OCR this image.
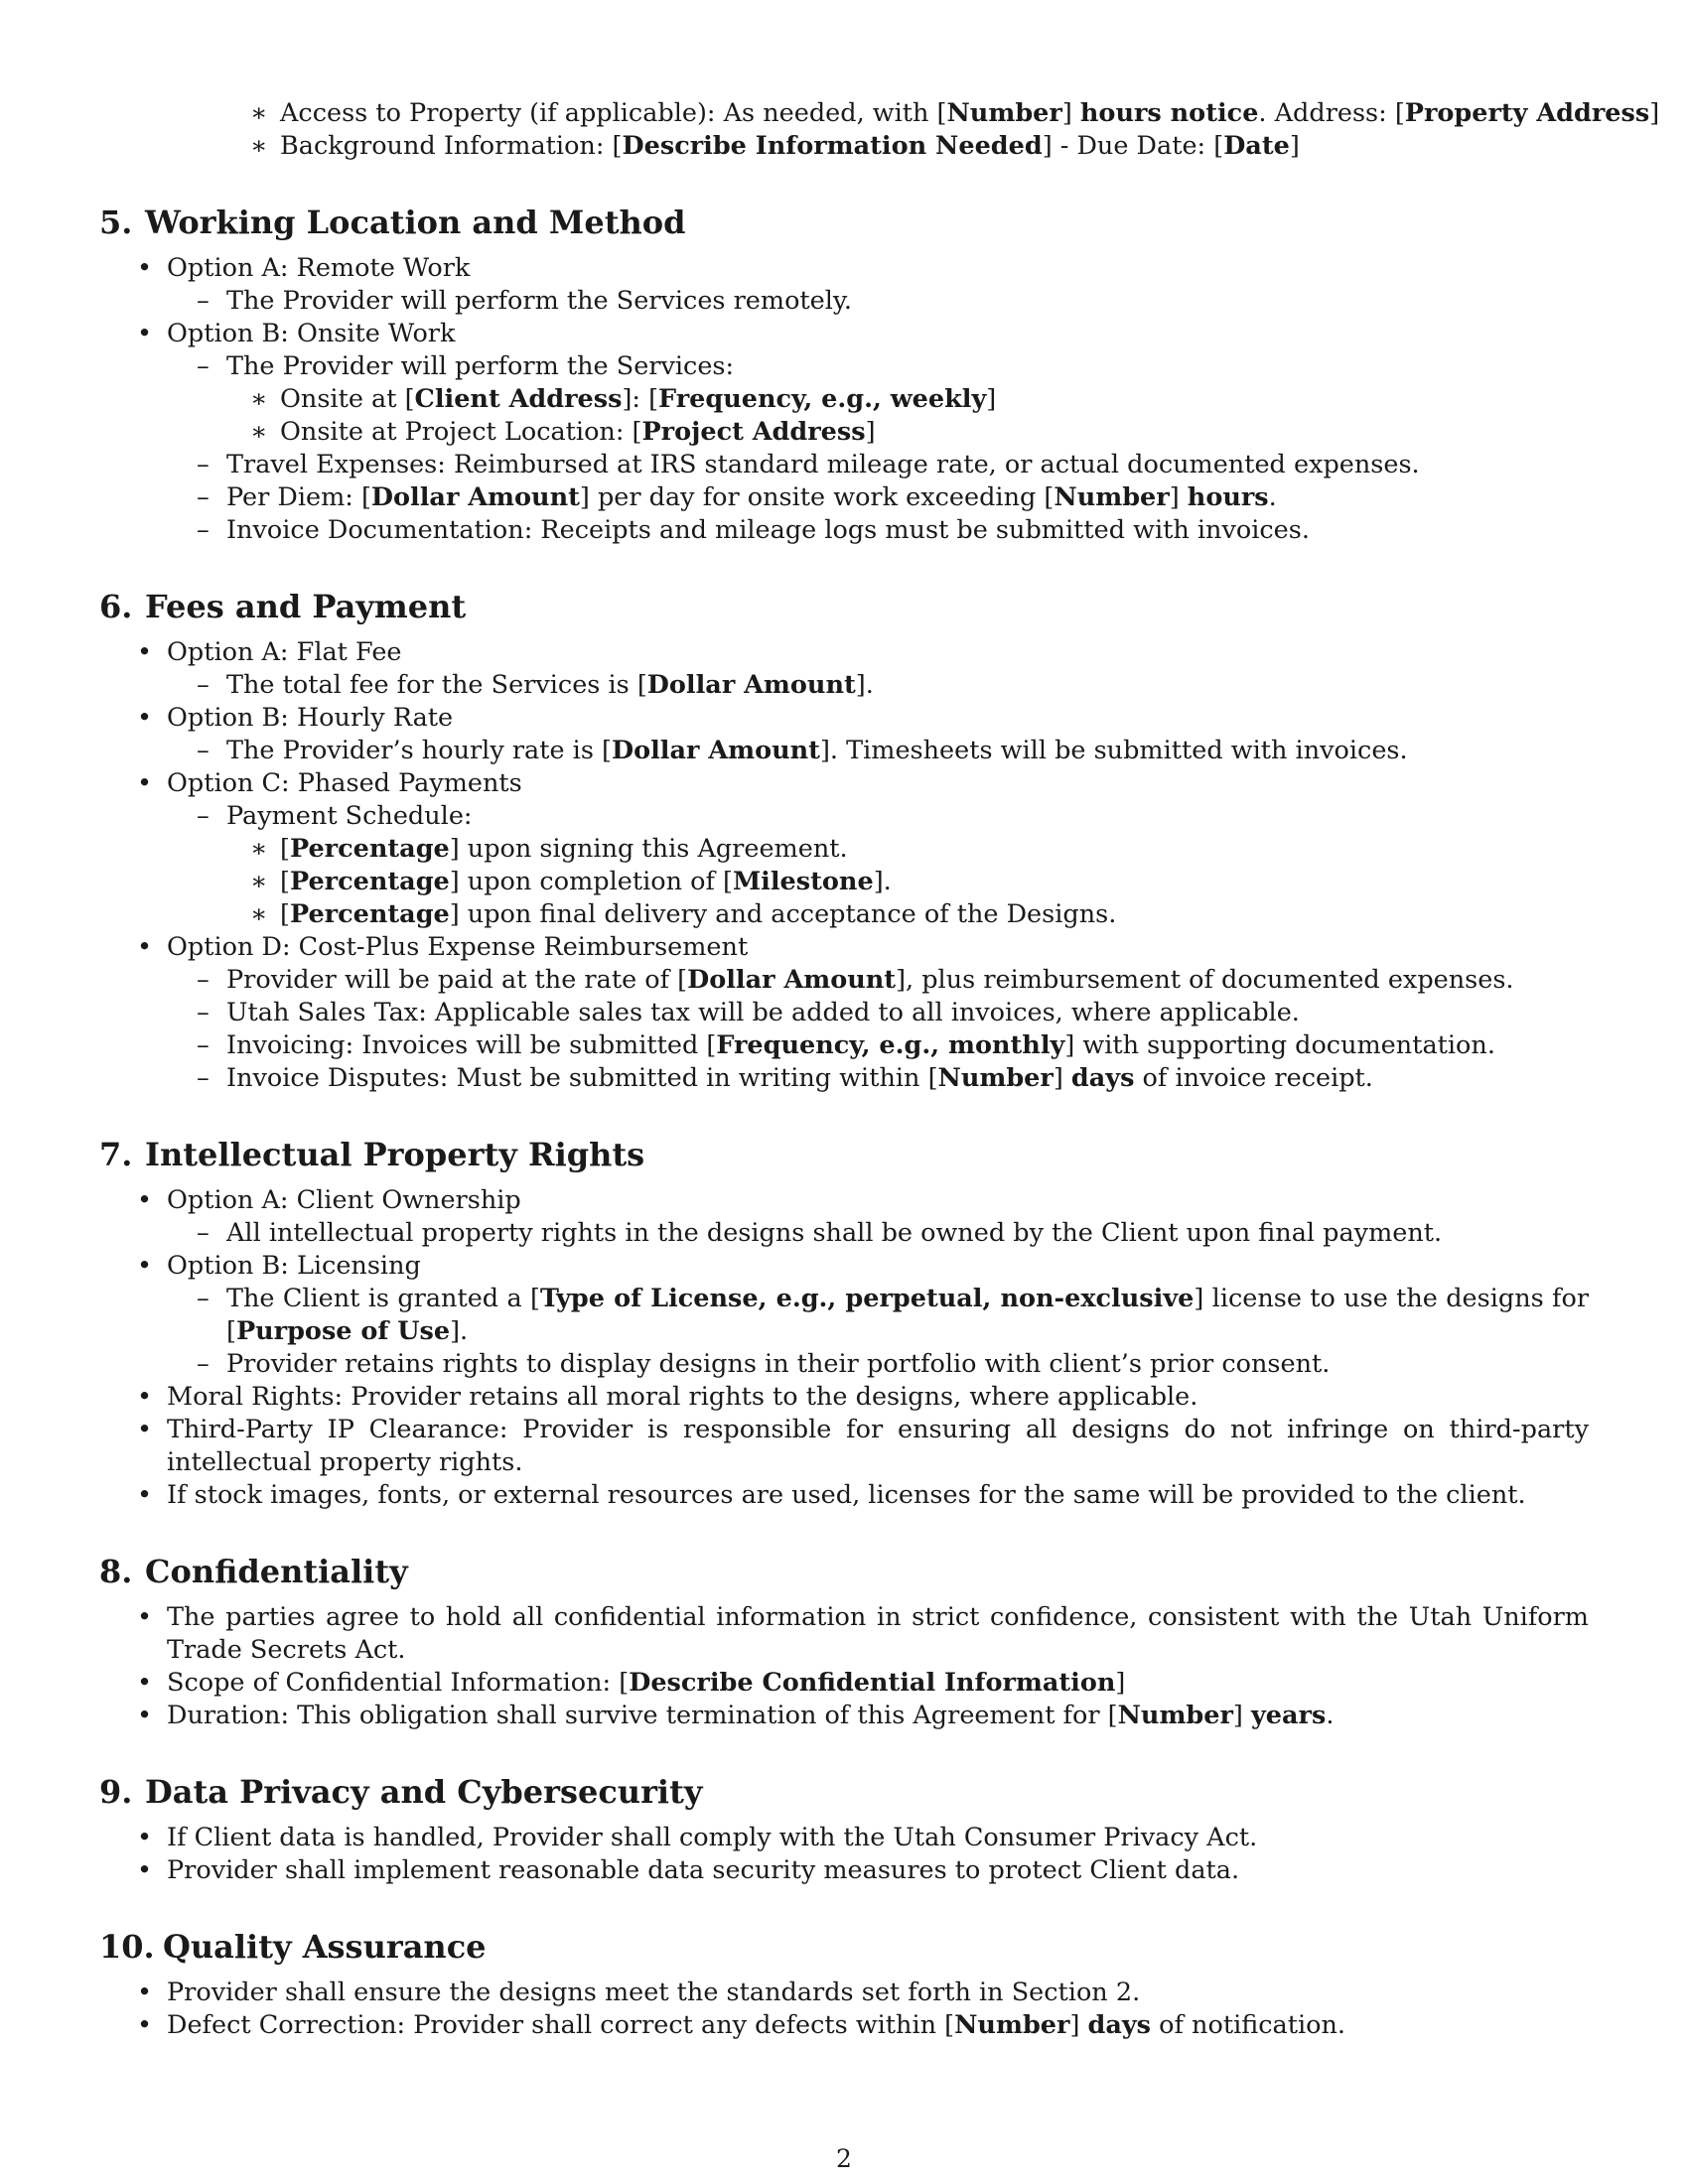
∗ Access to Property (if applicable): As needed, with [Number] hours notice. Address: [Property Address]
∗ Background Information: [Describe Information Needed] - Due Date: [Date]
5. Working Location and Method
• Option A: Remote Work
– The Provider will perform the Services remotely.
• Option B: Onsite Work
– The Provider will perform the Services:
∗ Onsite at [Client Address]: [Frequency, e.g., weekly]
∗ Onsite at Project Location: [Project Address]
– Travel Expenses: Reimbursed at IRS standard mileage rate, or actual documented expenses.
– Per Diem: [Dollar Amount] per day for onsite work exceeding [Number] hours.
– Invoice Documentation: Receipts and mileage logs must be submitted with invoices.
6. Fees and Payment
• Option A: Flat Fee
– The total fee for the Services is [Dollar Amount].
• Option B: Hourly Rate
– The Provider’s hourly rate is [Dollar Amount]. Timesheets will be submitted with invoices.
• Option C: Phased Payments
– Payment Schedule:
∗ [Percentage] upon signing this Agreement.
∗ [Percentage] upon completion of [Milestone].
∗ [Percentage] upon final delivery and acceptance of the Designs.
• Option D: Cost-Plus Expense Reimbursement
– Provider will be paid at the rate of [Dollar Amount], plus reimbursement of documented expenses.
– Utah Sales Tax: Applicable sales tax will be added to all invoices, where applicable.
– Invoicing: Invoices will be submitted [Frequency, e.g., monthly] with supporting documentation.
– Invoice Disputes: Must be submitted in writing within [Number] days of invoice receipt.
7. Intellectual Property Rights
• Option A: Client Ownership
– All intellectual property rights in the designs shall be owned by the Client upon final payment.
• Option B: Licensing
– The Client is granted a [Type of License, e.g., perpetual, non-exclusive] license to use the designs for [Purpose of Use].
– Provider retains rights to display designs in their portfolio with client’s prior consent.
• Moral Rights: Provider retains all moral rights to the designs, where applicable.
• Third-Party IP Clearance: Provider is responsible for ensuring all designs do not infringe on third-party intellectual property rights.
• If stock images, fonts, or external resources are used, licenses for the same will be provided to the client.
8. Confidentiality
• The parties agree to hold all confidential information in strict confidence, consistent with the Utah Uniform Trade Secrets Act.
• Scope of Confidential Information: [Describe Confidential Information]
• Duration: This obligation shall survive termination of this Agreement for [Number] years.
9. Data Privacy and Cybersecurity
• If Client data is handled, Provider shall comply with the Utah Consumer Privacy Act.
• Provider shall implement reasonable data security measures to protect Client data.
10. Quality Assurance
• Provider shall ensure the designs meet the standards set forth in Section 2.
• Defect Correction: Provider shall correct any defects within [Number] days of notification.
2
